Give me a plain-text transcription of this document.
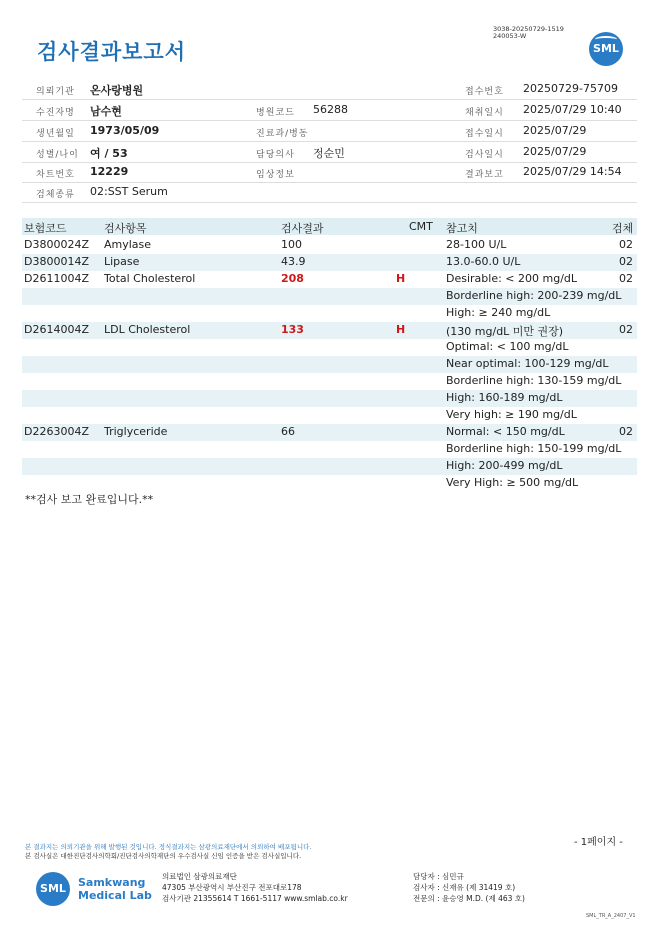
검사결과보고서
3038-20250729-1519
240053-W
SML
의뢰기관 온사랑병원	접수번호 20250729-75709
수진자명 남수현	병원코드 56288	채취일시 2025/07/29 10:40
생년월일 1973/05/09	진료과/병동	접수일시 2025/07/29
성별/나이 여 / 53	담당의사 정순민	검사일시 2025/07/29
차트번호 12229	임상정보	결과보고 2025/07/29 14:54
검체종류 02:SST Serum
보험코드	검사항목	검사결과	CMT 참고치	검체
D3800024Z Amylase	100	28-100 U/L	02
D3800014Z Lipase	43.9	13.0-60.0 U/L	02
D2611004Z Total Cholesterol	208	H	Desirable: < 200 mg/dL	02
Borderline high: 200-239 mg/dL
High: ≥ 240 mg/dL
D2614004Z LDL Cholesterol	133	H	(130 mg/dL 미만 권장)	02
Optimal: < 100 mg/dL
Near optimal: 100-129 mg/dL
Borderline high: 130-159 mg/dL
High: 160-189 mg/dL
Very high: ≥ 190 mg/dL
D2263004Z Triglyceride	66	Normal: < 150 mg/dL	02
Borderline high: 150-199 mg/dL
High: 200-499 mg/dL
Very High: ≥ 500 mg/dL
**검사 보고 완료입니다.**
본 결과지는 의뢰기관을 위해 발행된 것입니다. 정식결과지는 삼광의료재단에서 의뢰하여 배포됩니다.
본 검사실은 대한진단검사의학회/진단검사의학재단의 우수검사실 신임 인증을 받은 검사실입니다.
- 1페이지 -
SML	Samkwang
Medical Lab
의료법인 삼광의료재단
47305 부산광역시 부산진구 전포대로178
검사기관 21355614 T 1661-5117 www.smlab.co.kr
담당자 : 심민규
검사자 : 신재유 (제 31419 호)
전문의 : 윤승영 M.D. (제 463 호)
SML_TR_A_2407_V1
